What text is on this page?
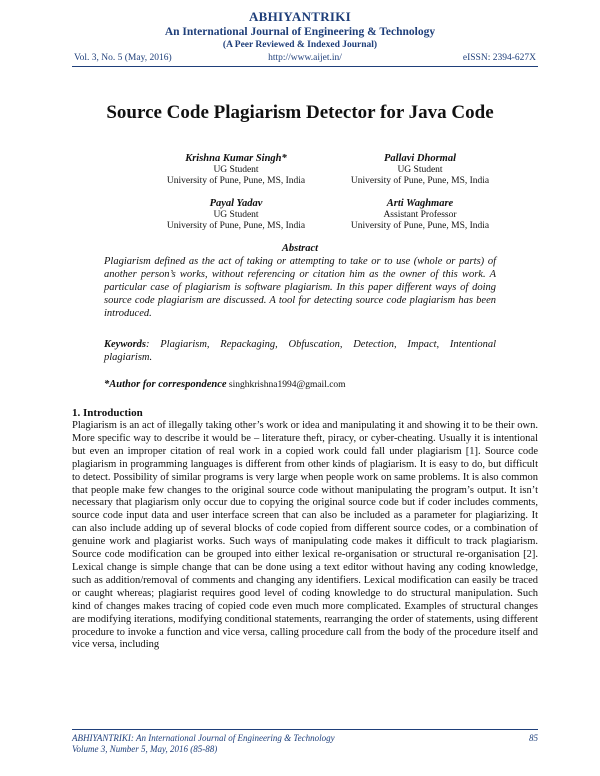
ABHIYANTRIKI
An International Journal of Engineering & Technology
(A Peer Reviewed & Indexed Journal)
Vol. 3, No. 5 (May, 2016)	http://www.aijet.in/	eISSN: 2394-627X
Source Code Plagiarism Detector for Java Code
Krishna Kumar Singh*
UG Student
University of Pune, Pune, MS, India
Pallavi Dhormal
UG Student
University of Pune, Pune, MS, India
Payal Yadav
UG Student
University of Pune, Pune, MS, India
Arti Waghmare
Assistant Professor
University of Pune, Pune, MS, India
Abstract

Plagiarism defined as the act of taking or attempting to take or to use (whole or parts) of another person’s works, without referencing or citation him as the owner of this work. A particular case of plagiarism is software plagiarism. In this paper different ways of doing source code plagiarism are discussed. A tool for detecting source code plagiarism has been introduced.

Keywords: Plagiarism, Repackaging, Obfuscation, Detection, Impact, Intentional plagiarism.

*Author for correspondence singhkrishna1994@gmail.com

1. Introduction

Plagiarism is an act of illegally taking other’s work or idea and manipulating it and showing it to be their own. More specific way to describe it would be – literature theft, piracy, or cyber-cheating. Usually it is intentional but even an improper citation of real work in a copied work could fall under plagiarism [1]. Source code plagiarism in programming languages is different from other kinds of plagiarism. It is easy to do, but difficult to detect. Possibility of similar programs is very large when people work on same problems. It is also common that people make few changes to the original source code without manipulating the program’s output. It isn’t necessary that plagiarism only occur due to copying the original source code but if coder includes comments, source code input data and user interface screen that can also be included as a parameter for plagiarizing. It can also include adding up of several blocks of code copied from different source codes, or a combination of genuine work and plagiarist works. Such ways of manipulating code makes it difficult to track plagiarism. Source code modification can be grouped into either lexical re-organisation or structural re-organisation [2]. Lexical change is simple change that can be done using a text editor without having any coding knowledge, such as addition/removal of comments and changing any identifiers. Lexical modification can easily be traced or caught whereas; plagiarist requires good level of coding knowledge to do structural manipulation. Such kind of changes makes tracing of copied code even much more complicated. Examples of structural changes are modifying iterations, modifying conditional statements, rearranging the order of statements, using different procedure to invoke a function and vice versa, calling procedure call from the body of the procedure itself and vice versa, including

ABHIYANTRIKI: An International Journal of Engineering & Technology
Volume 3, Number 5, May, 2016 (85-88)
85
